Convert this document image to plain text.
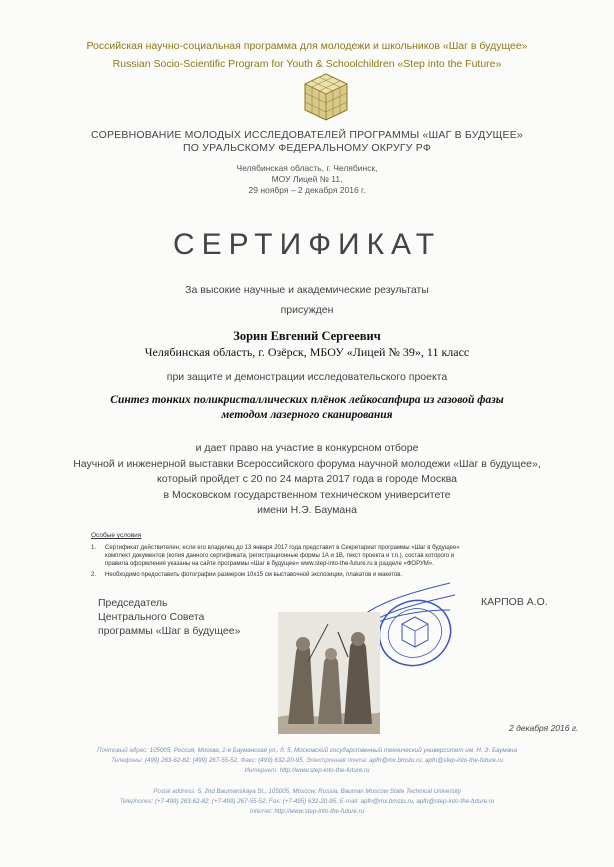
Российская научно-социальная программа для молодежи и школьников «Шаг в будущее»
Russian Socio-Scientific Program for Youth & Schoolchildren «Step into the Future»
СОРЕВНОВАНИЕ МОЛОДЫХ ИССЛЕДОВАТЕЛЕЙ ПРОГРАММЫ «ШАГ В БУДУЩЕЕ»
ПО УРАЛЬСКОМУ ФЕДЕРАЛЬНОМУ ОКРУГУ РФ
Челябинская область, г. Челябинск,
МОУ Лицей № 11,
29 ноября – 2 декабря 2016 г.
СЕРТИФИКАТ
За высокие научные и академические результаты
присужден
Зорин Евгений Сергеевич
Челябинская область, г. Озёрск, МБОУ «Лицей № 39», 11 класс
при защите и демонстрации исследовательского проекта
Синтез тонких поликристаллических плёнок лейкосапфира из газовой фазы
методом лазерного сканирования
и дает право на участие в конкурсном отборе
Научной и инженерной выставки Всероссийского форума научной молодежи «Шаг в будущее»,
который пройдет с 20 по 24 марта 2017 года в городе Москва
в Московском государственном техническом университете
имени Н.Э. Баумана
Особые условия
1. Сертификат действителен, если его владелец до 13 января 2017 года представит в Секретариат программы «Шаг в будущее»
комплект документов (копия данного сертификата, регистрационные формы 1А и 1В, текст проекта и т.п.), состав которого и
правила оформления указаны на сайте программы «Шаг в будущее» www.step-into-the-future.ru в разделе «ФОРУМ».
2. Необходимо предоставить фотографии размером 10х15 см выставочной экспозиции, плакатов и макетов.
Председатель
Центрального Совета
программы «Шаг в будущее»
КАРПОВ А.О.
2 декабря 2016 г.
Почтовый адрес: 105005, Россия, Москва, 2-я Бауманская ул., д. 5, Московский государственный технический университет им. Н. Э. Баумана
Телефоны: (499) 263-62-82; (499) 267-55-52, Факс: (499) 632-20-95, Электронная почта: apfn@mx.bmstu.ru, apfn@step-into-the-future.ru
Интернет: http://www.step-into-the-future.ru
Postal address: 5, 2nd Baumanskaya St., 105005, Moscow, Russia, Bauman Moscow State Technical University
Telephones: (+7-499) 263-62-82; (+7-499) 267-55-52, Fax: (+7-495) 632-20-95. E-mail: apfn@mx.bmstu.ru, apfn@step-into-the-future.ru
Internet: http://www.step-into-the-future.ru
